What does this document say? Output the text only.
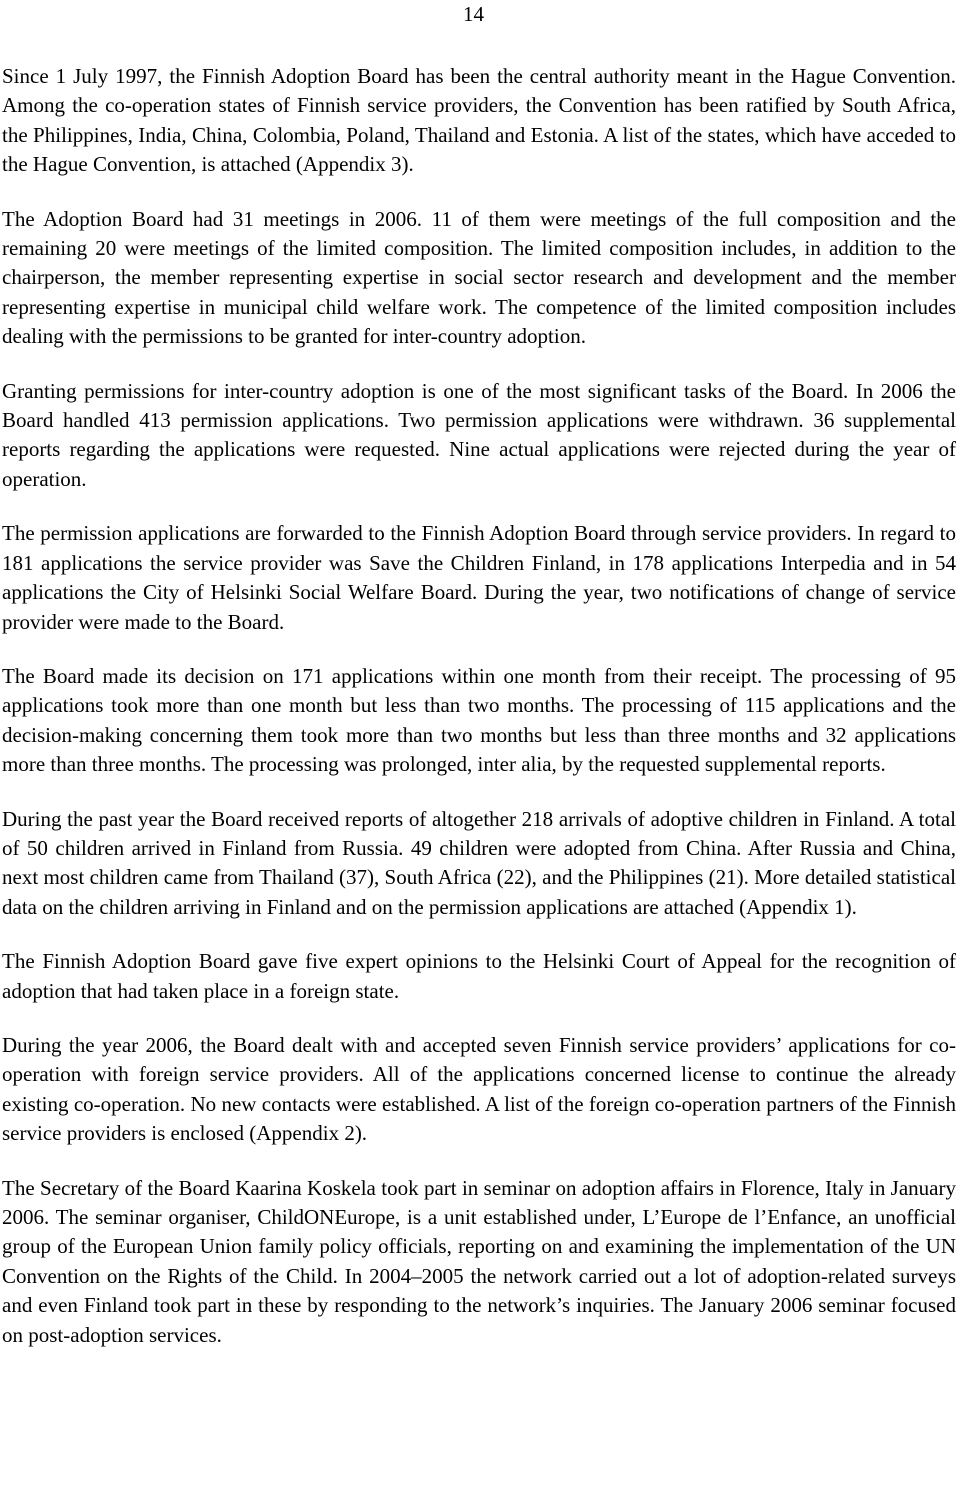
14

Since 1 July 1997, the Finnish Adoption Board has been the central authority meant in the Hague Convention. Among the co-operation states of Finnish service providers, the Convention has been ratified by South Africa, the Philippines, India, China, Colombia, Poland, Thailand and Estonia. A list of the states, which have acceded to the Hague Convention, is attached (Appendix 3).

The Adoption Board had 31 meetings in 2006. 11 of them were meetings of the full composition and the remaining 20 were meetings of the limited composition. The limited composition includes, in addition to the chairperson, the member representing expertise in social sector research and development and the member representing expertise in municipal child welfare work. The competence of the limited composition includes dealing with the permissions to be granted for inter-country adoption.

Granting permissions for inter-country adoption is one of the most significant tasks of the Board. In 2006 the Board handled 413 permission applications. Two permission applications were withdrawn. 36 supplemental reports regarding the applications were requested. Nine actual applications were rejected during the year of operation.

The permission applications are forwarded to the Finnish Adoption Board through service providers. In regard to 181 applications the service provider was Save the Children Finland, in 178 applications Interpedia and in 54 applications the City of Helsinki Social Welfare Board. During the year, two notifications of change of service provider were made to the Board.

The Board made its decision on 171 applications within one month from their receipt. The processing of 95 applications took more than one month but less than two months. The processing of 115 applications and the decision-making concerning them took more than two months but less than three months and 32 applications more than three months. The processing was prolonged, inter alia, by the requested supplemental reports.

During the past year the Board received reports of altogether 218 arrivals of adoptive children in Finland. A total of 50 children arrived in Finland from Russia. 49 children were adopted from China. After Russia and China, next most children came from Thailand (37), South Africa (22), and the Philippines (21). More detailed statistical data on the children arriving in Finland and on the permission applications are attached (Appendix 1).

The Finnish Adoption Board gave five expert opinions to the Helsinki Court of Appeal for the recognition of adoption that had taken place in a foreign state.

During the year 2006, the Board dealt with and accepted seven Finnish service providers’ applications for co-operation with foreign service providers. All of the applications concerned license to continue the already existing co-operation. No new contacts were established. A list of the foreign co-operation partners of the Finnish service providers is enclosed (Appendix 2).

The Secretary of the Board Kaarina Koskela took part in seminar on adoption affairs in Florence, Italy in January 2006. The seminar organiser, ChildONEurope, is a unit established under, L’Europe de l’Enfance, an unofficial group of the European Union family policy officials, reporting on and examining the implementation of the UN Convention on the Rights of the Child. In 2004–2005 the network carried out a lot of adoption-related surveys and even Finland took part in these by responding to the network’s inquiries. The January 2006 seminar focused on post-adoption services.
